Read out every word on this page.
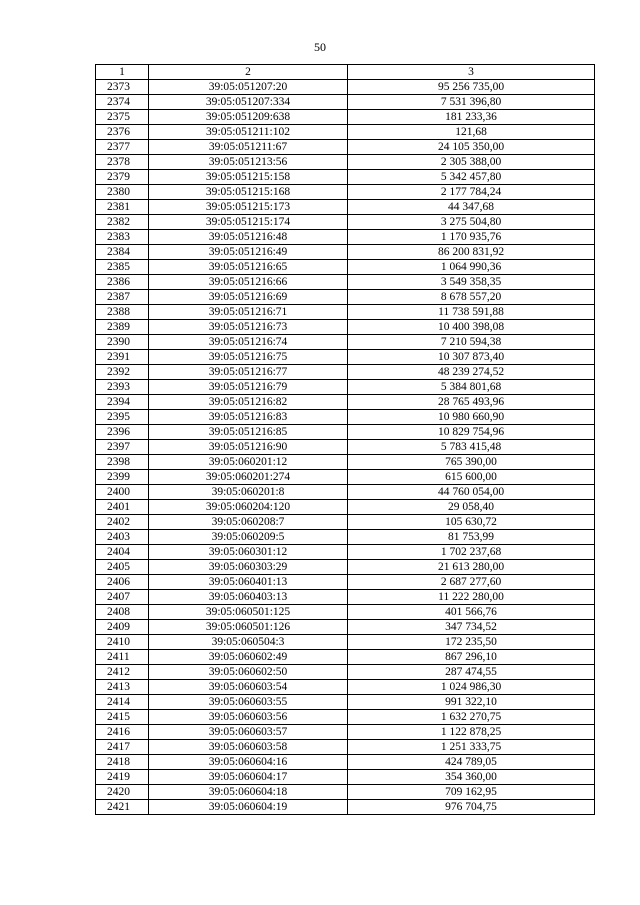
50
1	2	3
2373	39:05:051207:20	95 256 735,00
2374	39:05:051207:334	7 531 396,80
2375	39:05:051209:638	181 233,36
2376	39:05:051211:102	121,68
2377	39:05:051211:67	24 105 350,00
2378	39:05:051213:56	2 305 388,00
2379	39:05:051215:158	5 342 457,80
2380	39:05:051215:168	2 177 784,24
2381	39:05:051215:173	44 347,68
2382	39:05:051215:174	3 275 504,80
2383	39:05:051216:48	1 170 935,76
2384	39:05:051216:49	86 200 831,92
2385	39:05:051216:65	1 064 990,36
2386	39:05:051216:66	3 549 358,35
2387	39:05:051216:69	8 678 557,20
2388	39:05:051216:71	11 738 591,88
2389	39:05:051216:73	10 400 398,08
2390	39:05:051216:74	7 210 594,38
2391	39:05:051216:75	10 307 873,40
2392	39:05:051216:77	48 239 274,52
2393	39:05:051216:79	5 384 801,68
2394	39:05:051216:82	28 765 493,96
2395	39:05:051216:83	10 980 660,90
2396	39:05:051216:85	10 829 754,96
2397	39:05:051216:90	5 783 415,48
2398	39:05:060201:12	765 390,00
2399	39:05:060201:274	615 600,00
2400	39:05:060201:8	44 760 054,00
2401	39:05:060204:120	29 058,40
2402	39:05:060208:7	105 630,72
2403	39:05:060209:5	81 753,99
2404	39:05:060301:12	1 702 237,68
2405	39:05:060303:29	21 613 280,00
2406	39:05:060401:13	2 687 277,60
2407	39:05:060403:13	11 222 280,00
2408	39:05:060501:125	401 566,76
2409	39:05:060501:126	347 734,52
2410	39:05:060504:3	172 235,50
2411	39:05:060602:49	867 296,10
2412	39:05:060602:50	287 474,55
2413	39:05:060603:54	1 024 986,30
2414	39:05:060603:55	991 322,10
2415	39:05:060603:56	1 632 270,75
2416	39:05:060603:57	1 122 878,25
2417	39:05:060603:58	1 251 333,75
2418	39:05:060604:16	424 789,05
2419	39:05:060604:17	354 360,00
2420	39:05:060604:18	709 162,95
2421	39:05:060604:19	976 704,75
